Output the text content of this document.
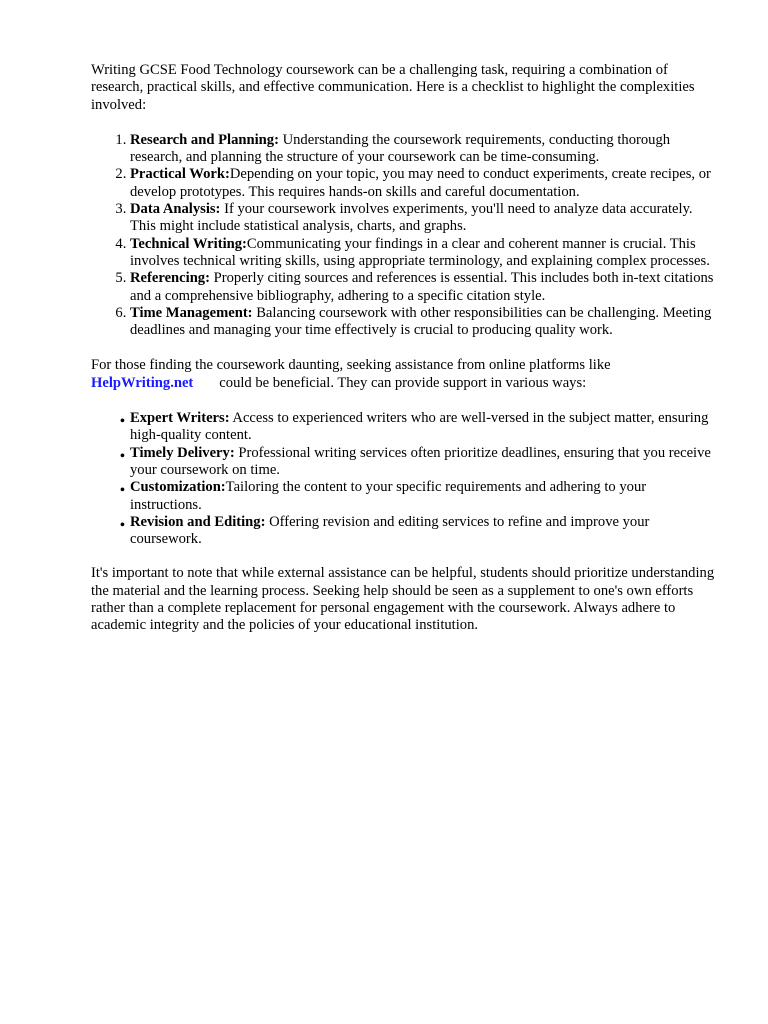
Writing GCSE Food Technology coursework can be a challenging task, requiring a combination of research, practical skills, and effective communication. Here is a checklist to highlight the complexities involved:

1. Research and Planning: Understanding the coursework requirements, conducting thorough research, and planning the structure of your coursework can be time-consuming.
2. Practical Work:Depending on your topic, you may need to conduct experiments, create recipes, or develop prototypes. This requires hands-on skills and careful documentation.
3. Data Analysis: If your coursework involves experiments, you'll need to analyze data accurately. This might include statistical analysis, charts, and graphs.
4. Technical Writing:Communicating your findings in a clear and coherent manner is crucial. This involves technical writing skills, using appropriate terminology, and explaining complex processes.
5. Referencing: Properly citing sources and references is essential. This includes both in-text citations and a comprehensive bibliography, adhering to a specific citation style.
6. Time Management: Balancing coursework with other responsibilities can be challenging. Meeting deadlines and managing your time effectively is crucial to producing quality work.

For those finding the coursework daunting, seeking assistance from online platforms like
HelpWriting.net could be beneficial. They can provide support in various ways:

• Expert Writers: Access to experienced writers who are well-versed in the subject matter, ensuring high-quality content.
• Timely Delivery: Professional writing services often prioritize deadlines, ensuring that you receive your coursework on time.
• Customization:Tailoring the content to your specific requirements and adhering to your instructions.
• Revision and Editing: Offering revision and editing services to refine and improve your coursework.

It's important to note that while external assistance can be helpful, students should prioritize understanding the material and the learning process. Seeking help should be seen as a supplement to one's own efforts rather than a complete replacement for personal engagement with the coursework. Always adhere to academic integrity and the policies of your educational institution.
